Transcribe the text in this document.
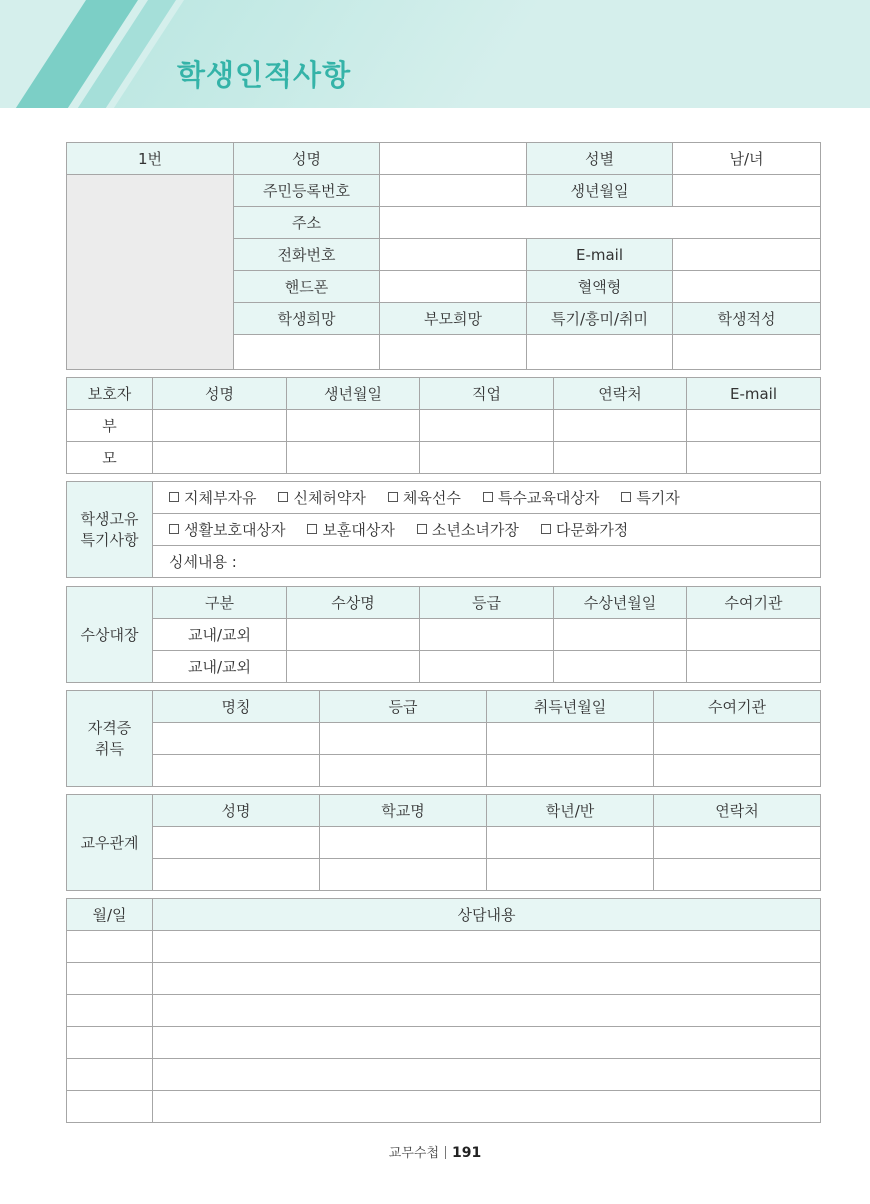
학생인적사항
1번	성명		성별	남/녀
	주민등록번호		생년월일	
	주소			
	전화번호		E-mail	
	핸드폰		혈액형	
	학생희망	부모희망	특기/흥미/취미	학생적성

보호자	성명	생년월일	직업	연락처	E-mail
부					
모					
학생고유
특기사항	지체부자유 신체허약자 체육선수 특수교육대상자 특기자
생활보호대상자 보훈대상자 소년소녀가장 다문화가정
싱세내용 :
수상대장	구분	수상명	등급	수상년월일	수여기관
	교내/교외				
	교내/교외				
자격증
취득	명칭	등급	취득년월일	수여기관

교우관계	성명	학교명	학년/반	연락처

월/일	상담내용

교무수첩 191
